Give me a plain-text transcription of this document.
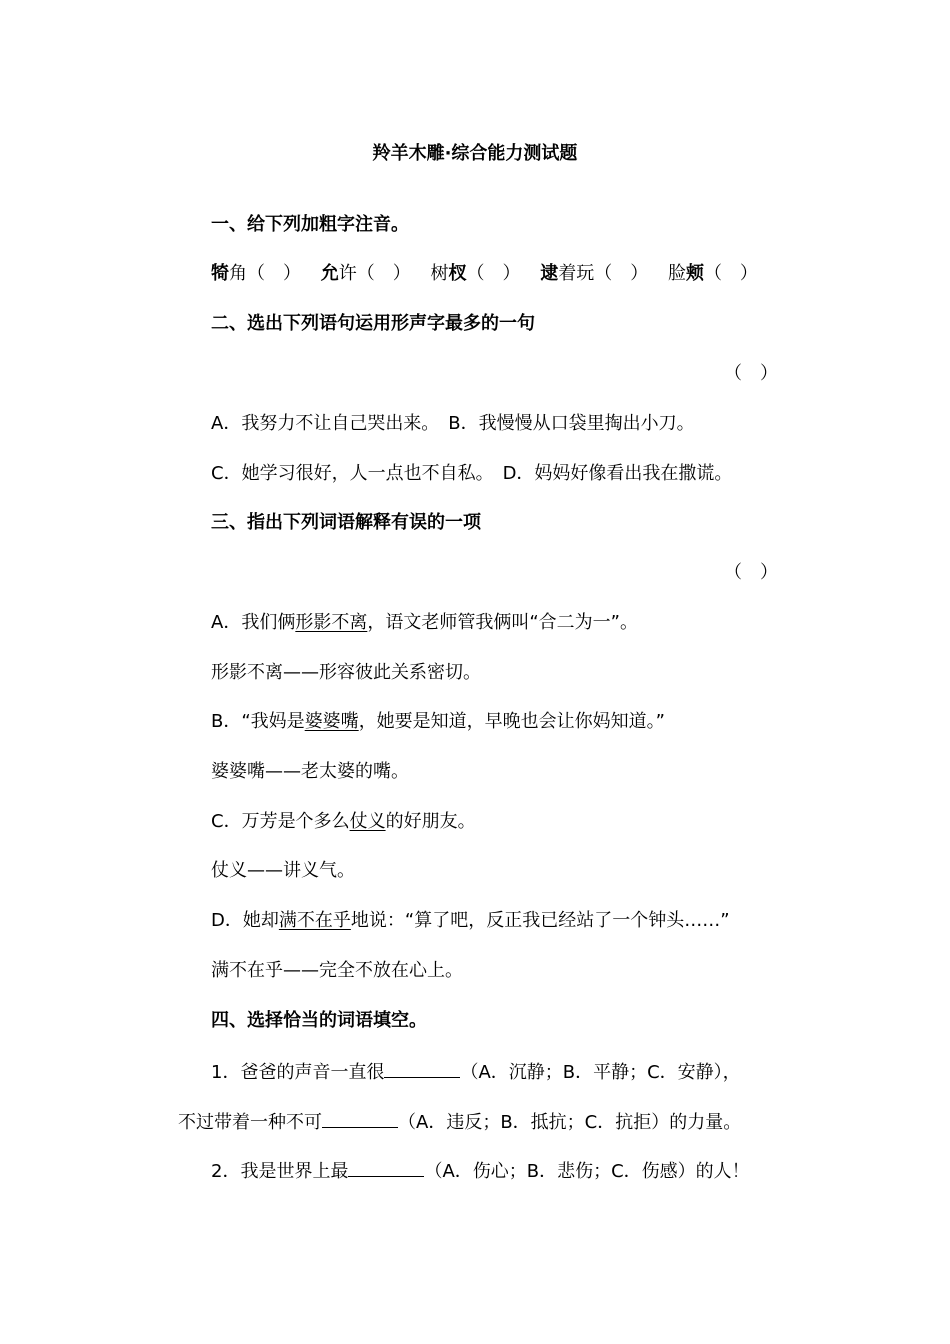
羚羊木雕·综合能力测试题
一、给下列加粗字注音。
犄角（　） 允许（　） 树杈（　） 逮着玩（　） 脸颊（　）
二、选出下列语句运用形声字最多的一句
（　）
A．我努力不让自己哭出来。　B．我慢慢从口袋里掏出小刀。
C．她学习很好，人一点也不自私。　D．妈妈好像看出我在撒谎。
三、指出下列词语解释有误的一项
（　）
A．我们俩形影不离，语文老师管我俩叫“合二为一”。
形影不离——形容彼此关系密切。
B．“我妈是婆婆嘴，她要是知道，早晚也会让你妈知道。”
婆婆嘴——老太婆的嘴。
C．万芳是个多么仗义的好朋友。
仗义——讲义气。
D．她却满不在乎地说：“算了吧，反正我已经站了一个钟头……”
满不在乎——完全不放在心上。
四、选择恰当的词语填空。
1．爸爸的声音一直很	（A．沉静；B．平静；C．安静），
不过带着一种不可	（A．违反；B．抵抗；C．抗拒）的力量。
2．我是世界上最	（A．伤心；B．悲伤；C．伤感）的人！
